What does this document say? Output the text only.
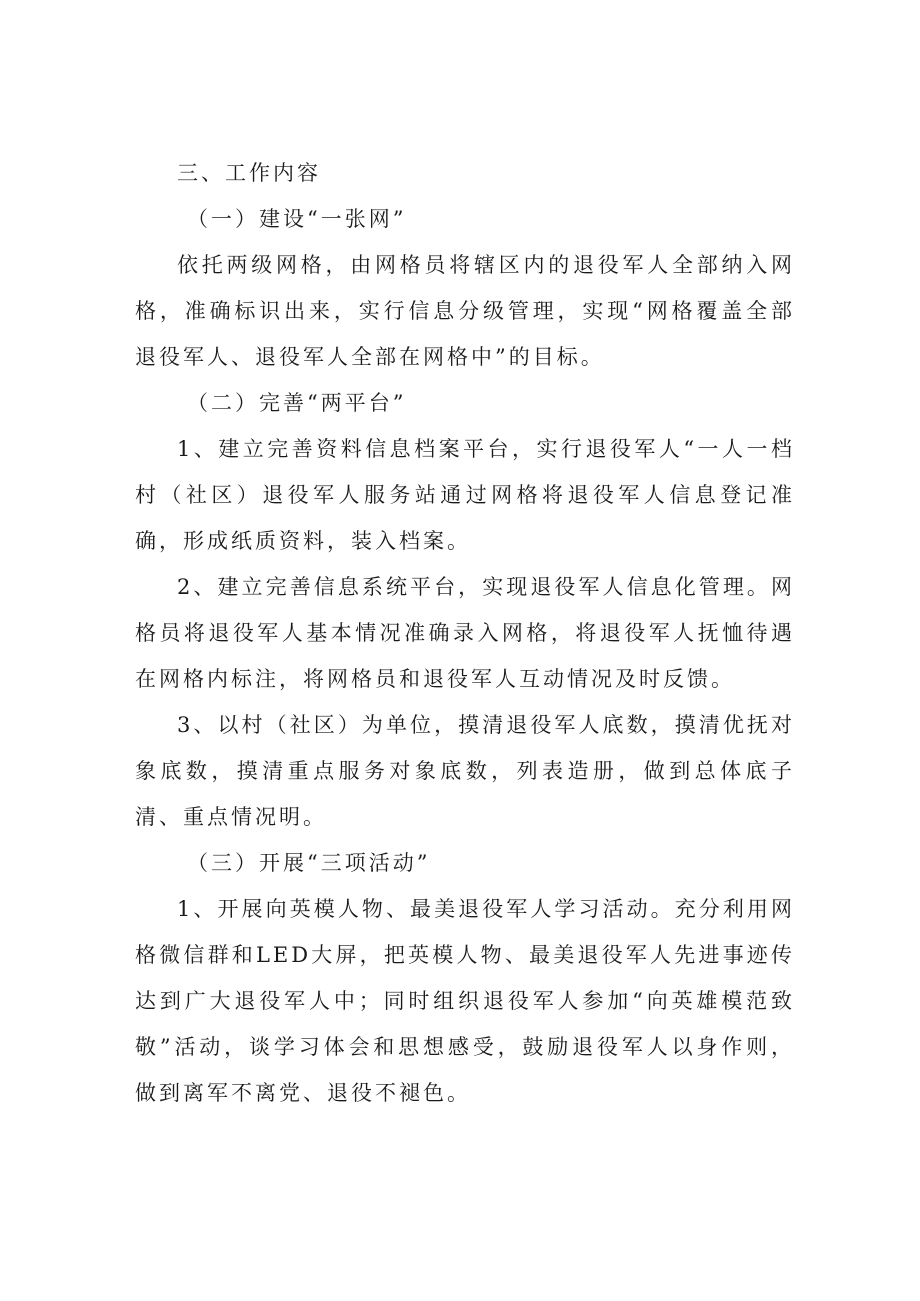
三、工作内容

（一）建设“一张网”

依托两级网格，由网格员将辖区内的退役军人全部纳入网格，准确标识出来，实行信息分级管理，实现“网格覆盖全部退役军人、退役军人全部在网格中”的目标。

（二）完善“两平台”

1、建立完善资料信息档案平台，实行退役军人“一人一档村（社区）退役军人服务站通过网格将退役军人信息登记准确，形成纸质资料，装入档案。

2、建立完善信息系统平台，实现退役军人信息化管理。网格员将退役军人基本情况准确录入网格，将退役军人抚恤待遇在网格内标注，将网格员和退役军人互动情况及时反馈。

3、以村（社区）为单位，摸清退役军人底数，摸清优抚对象底数，摸清重点服务对象底数，列表造册，做到总体底子清、重点情况明。

（三）开展“三项活动”

1、开展向英模人物、最美退役军人学习活动。充分利用网格微信群和LED大屏，把英模人物、最美退役军人先进事迹传达到广大退役军人中；同时组织退役军人参加“向英雄模范致敬”活动，谈学习体会和思想感受，鼓励退役军人以身作则，做到离军不离党、退役不褪色。
